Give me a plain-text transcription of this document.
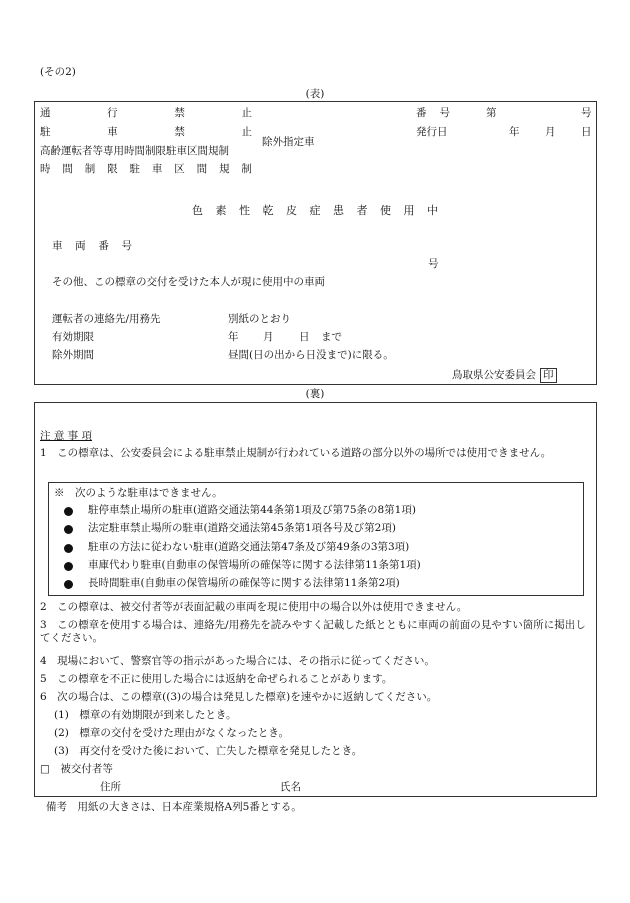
(その2)
(表)
通	行	禁	止
駐	車	禁	止
高齢運転者等専用時間制限駐車区間規制
時 間 制 限 駐 車 区 間 規 制
除外指定車
番 号	第	号
発行日	年 月 日
色 素 性 乾 皮 症 患 者 使 用 中
車 両 番 号
号
その他、この標章の交付を受けた本人が現に使用中の車両
運転者の連絡先/用務先	別紙のとおり
有効期限	年 月 日 まで
除外期間	昼間(日の出から日没まで)に限る。
鳥取県公安委員会 印
(裏)
注 意 事 項
1　この標章は、公安委員会による駐車禁止規制が行われている道路の部分以外の場所では使用できません。
※　次のような駐車はできません。
駐停車禁止場所の駐車(道路交通法第44条第1項及び第75条の8第1項)
法定駐車禁止場所の駐車(道路交通法第45条第1項各号及び第2項)
駐車の方法に従わない駐車(道路交通法第47条及び第49条の3第3項)
車庫代わり駐車(自動車の保管場所の確保等に関する法律第11条第1項)
長時間駐車(自動車の保管場所の確保等に関する法律第11条第2項)
2　この標章は、被交付者等が表面記載の車両を現に使用中の場合以外は使用できません。
3　この標章を使用する場合は、連絡先/用務先を読みやすく記載した紙とともに車両の前面の見やすい箇所に掲出してください。
4　現場において、警察官等の指示があった場合には、その指示に従ってください。
5　この標章を不正に使用した場合には返納を命ぜられることがあります。
6　次の場合は、この標章((3)の場合は発見した標章)を速やかに返納してください。
(1)　標章の有効期限が到来したとき。
(2)　標章の交付を受けた理由がなくなったとき。
(3)　再交付を受けた後において、亡失した標章を発見したとき。
□　被交付者等
住所	氏名
備考　用紙の大きさは、日本産業規格A列5番とする。
